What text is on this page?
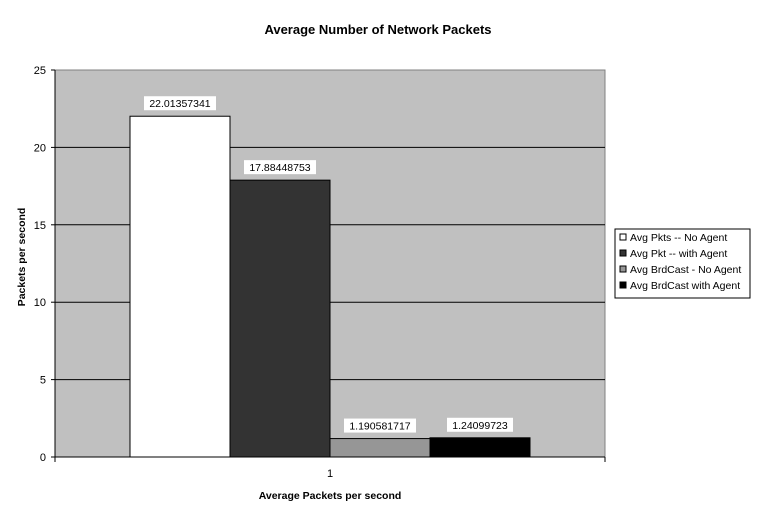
Average Number of Network Packets
22.01357341
17.88448753
1.190581717	1.24099723
0
5
10
15
20
25
1
Average Packets per second
Packets per second	Avg Pkts -- No Agent
Avg Pkt -- with Agent
Avg BrdCast - No Agent
Avg BrdCast with Agent
